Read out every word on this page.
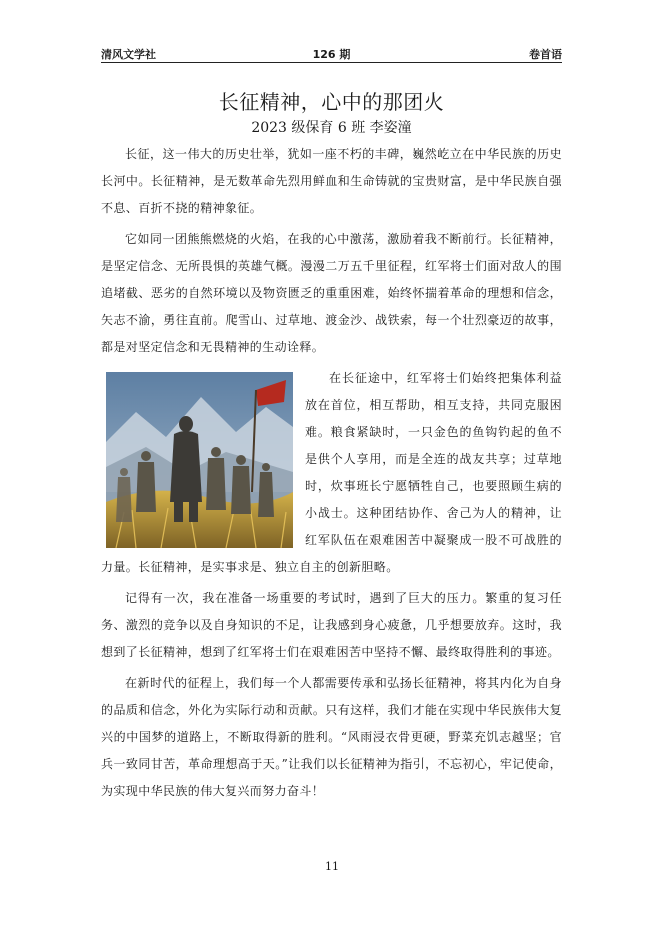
清风文学社	126 期	卷首语
长征精神，心中的那团火
2023 级保育 6 班 李姿潼

长征，这一伟大的历史壮举，犹如一座不朽的丰碑，巍然屹立在中华民族的历史长河中。长征精神，是无数革命先烈用鲜血和生命铸就的宝贵财富，是中华民族自强不息、百折不挠的精神象征。

它如同一团熊熊燃烧的火焰，在我的心中激荡，激励着我不断前行。长征精神，是坚定信念、无所畏惧的英雄气概。漫漫二万五千里征程，红军将士们面对敌人的围追堵截、恶劣的自然环境以及物资匮乏的重重困难，始终怀揣着革命的理想和信念，矢志不渝，勇往直前。爬雪山、过草地、渡金沙、战铁索，每一个壮烈豪迈的故事，都是对坚定信念和无畏精神的生动诠释。

在长征途中，红军将士们始终把集体利益放在首位，相互帮助，相互支持，共同克服困难。粮食紧缺时，一只金色的鱼钩钓起的鱼不是供个人享用，而是全连的战友共享；过草地时，炊事班长宁愿牺牲自己，也要照顾生病的小战士。这种团结协作、舍己为人的精神，让红军队伍在艰难困苦中凝聚成一股不可战胜的力量。长征精神，是实事求是、独立自主的创新胆略。

记得有一次，我在准备一场重要的考试时，遇到了巨大的压力。繁重的复习任务、激烈的竞争以及自身知识的不足，让我感到身心疲惫，几乎想要放弃。这时，我想到了长征精神，想到了红军将士们在艰难困苦中坚持不懈、最终取得胜利的事迹。

在新时代的征程上，我们每一个人都需要传承和弘扬长征精神，将其内化为自身的品质和信念，外化为实际行动和贡献。只有这样，我们才能在实现中华民族伟大复兴的中国梦的道路上，不断取得新的胜利。“风雨浸衣骨更硬，野菜充饥志越坚；官兵一致同甘苦，革命理想高于天。”让我们以长征精神为指引，不忘初心，牢记使命，为实现中华民族的伟大复兴而努力奋斗！

11
